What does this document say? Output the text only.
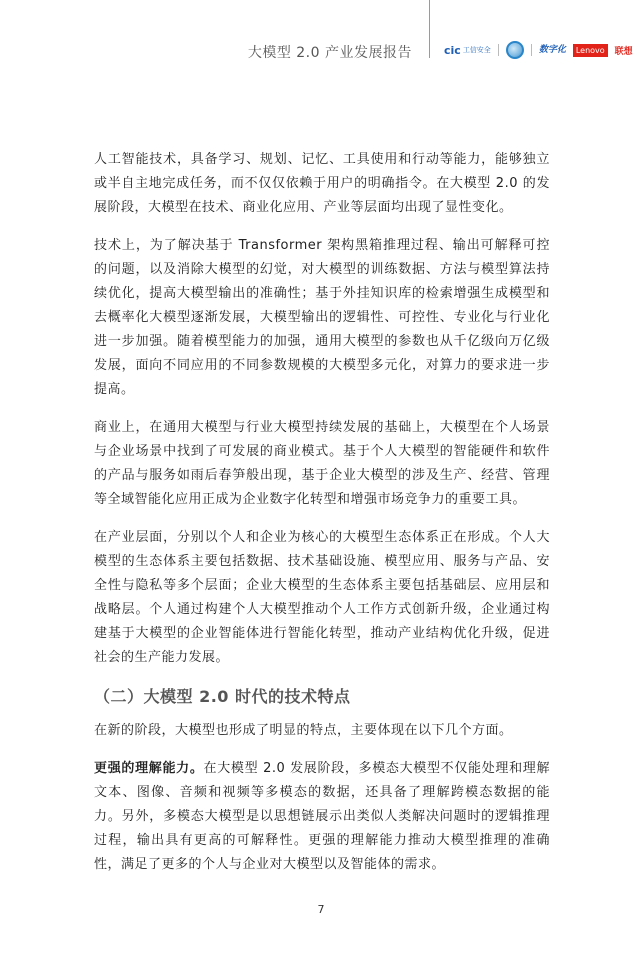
大模型 2.0 产业发展报告	cic 工信安全	数字化	Lenovo	联想

人工智能技术，具备学习、规划、记忆、工具使用和行动等能力，能够独立或半自主地完成任务，而不仅仅依赖于用户的明确指令。在大模型 2.0 的发展阶段，大模型在技术、商业化应用、产业等层面均出现了显性变化。

技术上，为了解决基于 Transformer 架构黑箱推理过程、输出可解释可控的问题，以及消除大模型的幻觉，对大模型的训练数据、方法与模型算法持续优化，提高大模型输出的准确性；基于外挂知识库的检索增强生成模型和去概率化大模型逐渐发展，大模型输出的逻辑性、可控性、专业化与行业化进一步加强。随着模型能力的加强，通用大模型的参数也从千亿级向万亿级发展，面向不同应用的不同参数规模的大模型多元化，对算力的要求进一步提高。

商业上，在通用大模型与行业大模型持续发展的基础上，大模型在个人场景与企业场景中找到了可发展的商业模式。基于个人大模型的智能硬件和软件的产品与服务如雨后春笋般出现，基于企业大模型的涉及生产、经营、管理等全域智能化应用正成为企业数字化转型和增强市场竞争力的重要工具。

在产业层面，分别以个人和企业为核心的大模型生态体系正在形成。个人大模型的生态体系主要包括数据、技术基础设施、模型应用、服务与产品、安全性与隐私等多个层面；企业大模型的生态体系主要包括基础层、应用层和战略层。个人通过构建个人大模型推动个人工作方式创新升级，企业通过构建基于大模型的企业智能体进行智能化转型，推动产业结构优化升级，促进社会的生产能力发展。

（二）大模型 2.0 时代的技术特点

在新的阶段，大模型也形成了明显的特点，主要体现在以下几个方面。

更强的理解能力。在大模型 2.0 发展阶段，多模态大模型不仅能处理和理解文本、图像、音频和视频等多模态的数据，还具备了理解跨模态数据的能力。另外，多模态大模型是以思想链展示出类似人类解决问题时的逻辑推理过程，输出具有更高的可解释性。更强的理解能力推动大模型推理的准确性，满足了更多的个人与企业对大模型以及智能体的需求。

7
